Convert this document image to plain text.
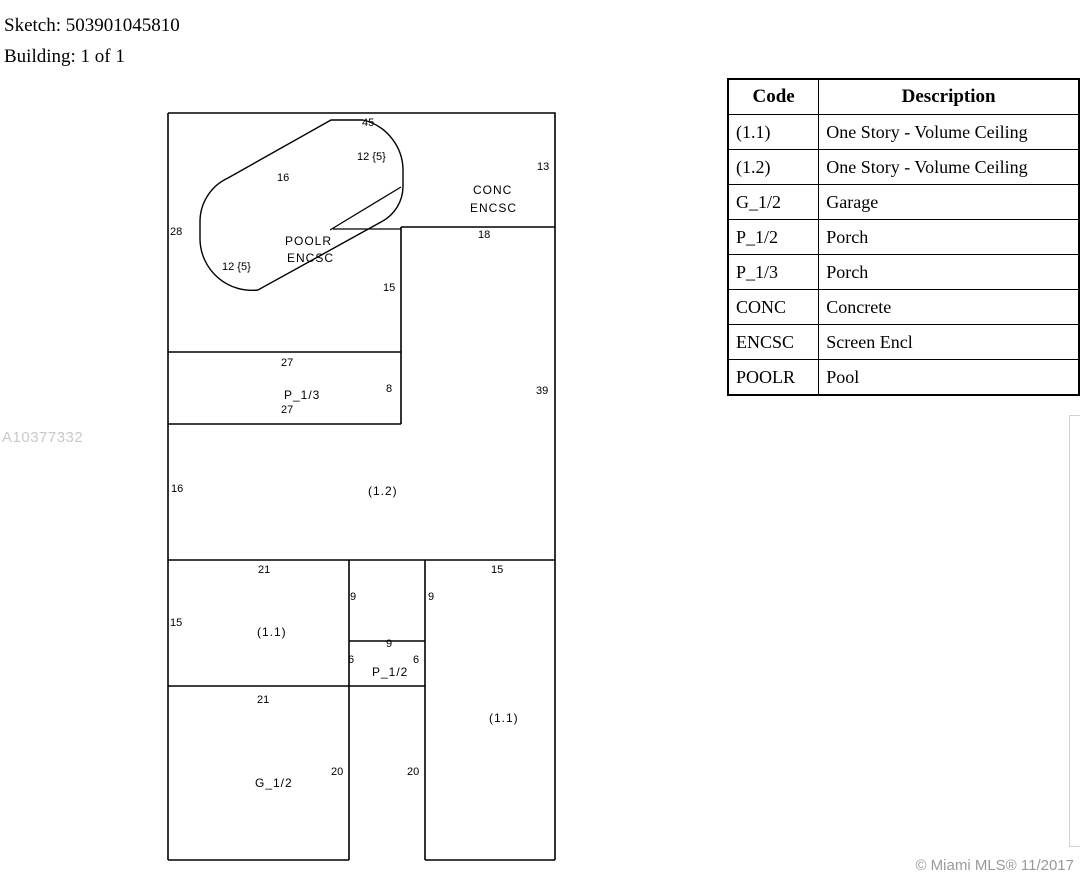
Sketch: 503901045810
Building: 1 of 1
CONC
ENCSC
POOLR
ENCSC
P_1/3
(1.2)
(1.1)
P_1/2
(1.1)
G_1/2
45
13
12 {5}
16
28	18
12 {5}
15
27
8	39
27
16
21	15
9	9
15
9
6	6
21
20	20
Code	Description
(1.1)	One Story - Volume Ceiling
(1.2)	One Story - Volume Ceiling
G_1/2	Garage
P_1/2	Porch
P_1/3	Porch
CONC	Concrete
ENCSC	Screen Encl
POOLR	Pool
A10377332
© Miami MLS® 11/2017
